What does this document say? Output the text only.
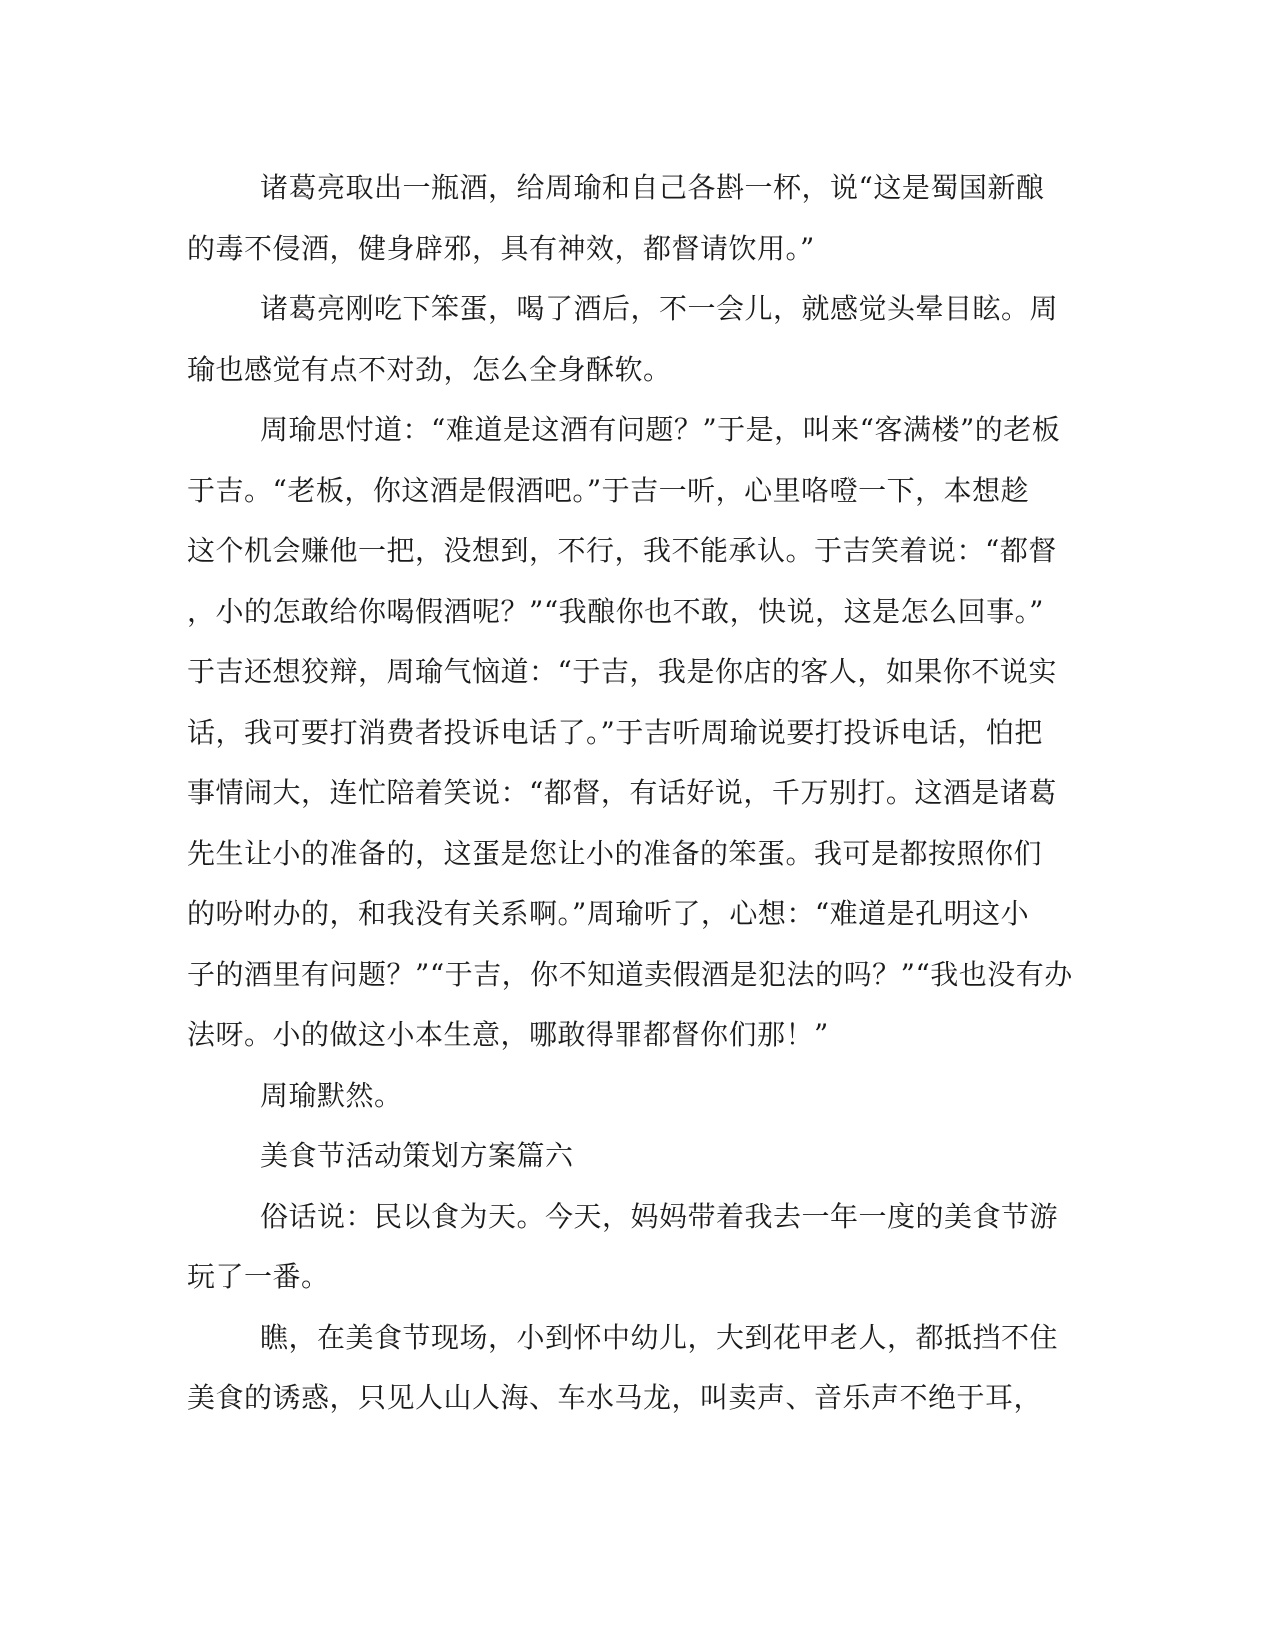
诸葛亮取出一瓶酒，给周瑜和自己各斟一杯，说“这是蜀国新酿
的毒不侵酒，健身辟邪，具有神效，都督请饮用。”
诸葛亮刚吃下笨蛋，喝了酒后，不一会儿，就感觉头晕目眩。周
瑜也感觉有点不对劲，怎么全身酥软。
周瑜思忖道：“难道是这酒有问题？”于是，叫来“客满楼”的老板
于吉。“老板，你这酒是假酒吧。”于吉一听，心里咯噔一下，本想趁
这个机会赚他一把，没想到，不行，我不能承认。于吉笑着说：“都督
，小的怎敢给你喝假酒呢？”“我酿你也不敢，快说，这是怎么回事。”
于吉还想狡辩，周瑜气恼道：“于吉，我是你店的客人，如果你不说实
话，我可要打消费者投诉电话了。”于吉听周瑜说要打投诉电话，怕把
事情闹大，连忙陪着笑说：“都督，有话好说，千万别打。这酒是诸葛
先生让小的准备的，这蛋是您让小的准备的笨蛋。我可是都按照你们
的吩咐办的，和我没有关系啊。”周瑜听了，心想：“难道是孔明这小
子的酒里有问题？”“于吉，你不知道卖假酒是犯法的吗？”“我也没有办
法呀。小的做这小本生意，哪敢得罪都督你们那！”
周瑜默然。
美食节活动策划方案篇六
俗话说：民以食为天。今天，妈妈带着我去一年一度的美食节游
玩了一番。
瞧，在美食节现场，小到怀中幼儿，大到花甲老人，都抵挡不住
美食的诱惑，只见人山人海、车水马龙，叫卖声、音乐声不绝于耳，
